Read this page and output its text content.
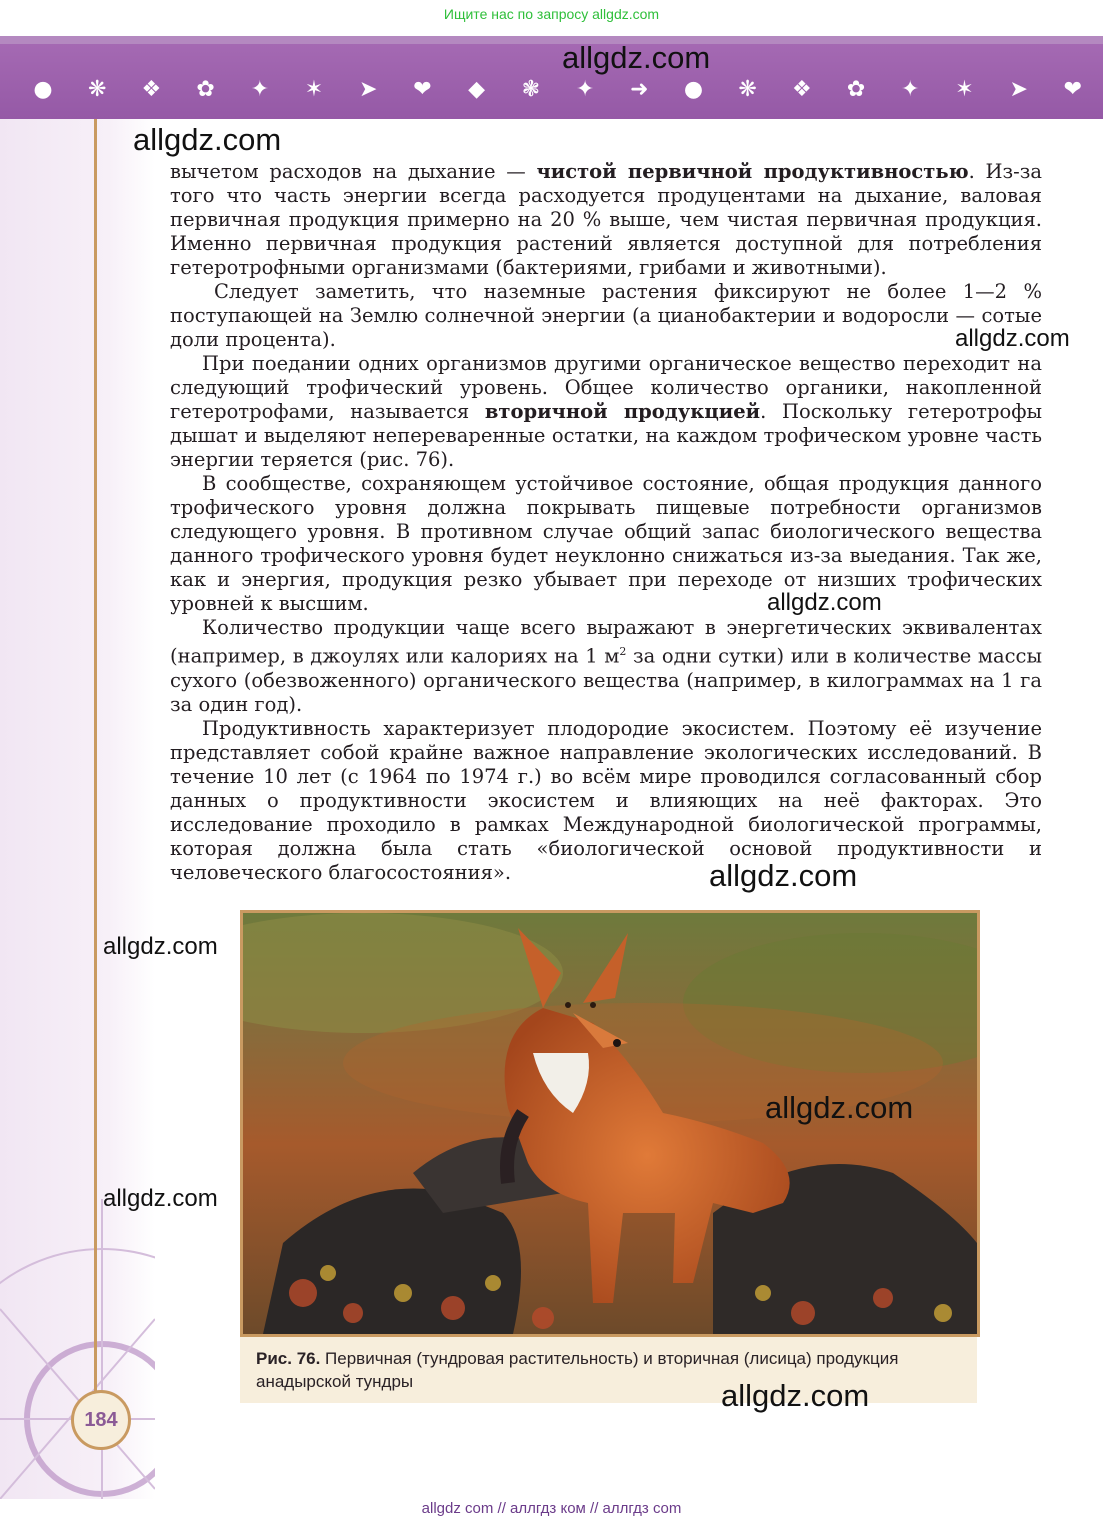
Ищите нас по запросу allgdz.com
● ❋ ❖ ✿ ✦ ✶ ➤ ❤ ◆ ❃ ✦ ➜ ● ❋ ❖ ✿ ✦ ✶ ➤ ❤
allgdz.com
allgdz.com

вычетом расходов на дыхание — чистой первичной продуктивностью. Из-за того что часть энергии всегда расходуется продуцентами на дыхание, валовая первичная продукция примерно на 20 % выше, чем чистая первичная продукция. Именно первичная продукция растений является доступной для потребления гетеротрофными организмами (бактериями, грибами и животными).

Следует заметить, что наземные растения фиксируют не более 1—2 % поступающей на Землю солнечной энергии (а цианобактерии и водоросли — сотые доли процента).

При поедании одних организмов другими органическое вещество переходит на следующий трофический уровень. Общее количество органики, накопленной гетеротрофами, называется вторичной продукцией. Поскольку гетеротрофы дышат и выделяют непереваренные остатки, на каждом трофическом уровне часть энергии теряется (рис. 76).

В сообществе, сохраняющем устойчивое состояние, общая продукция данного трофического уровня должна покрывать пищевые потребности организмов следующего уровня. В противном случае общий запас биологического вещества данного трофического уровня будет неуклонно снижаться из-за выедания. Так же, как и энергия, продукция резко убывает при переходе от низших трофических уровней к высшим.

Количество продукции чаще всего выражают в энергетических эквивалентах (например, в джоулях или калориях на 1 $м^2$ за одни сутки) или в количестве массы сухого (обезвоженного) органического вещества (например, в килограммах на 1 га за один год).

Продуктивность характеризует плодородие экосистем. Поэтому её изучение представляет собой крайне важное направление экологических исследований. В течение 10 лет (с 1964 по 1974 г.) во всём мире проводился согласованный сбор данных о продуктивности экосистем и влияющих на неё факторах. Это исследование проходило в рамках Международной биологической программы, которая должна была стать «биологической основой продуктивности и человеческого благосостояния».

allgdz.com
allgdz.com
allgdz.com
allgdz.com
allgdz.com
allgdz.com
Рис. 76. Первичная (тундровая растительность) и вторичная (лисица) продукция анадырской тундры	allgdz.com
184
allgdz com // аллгдз ком // аллгдз com
